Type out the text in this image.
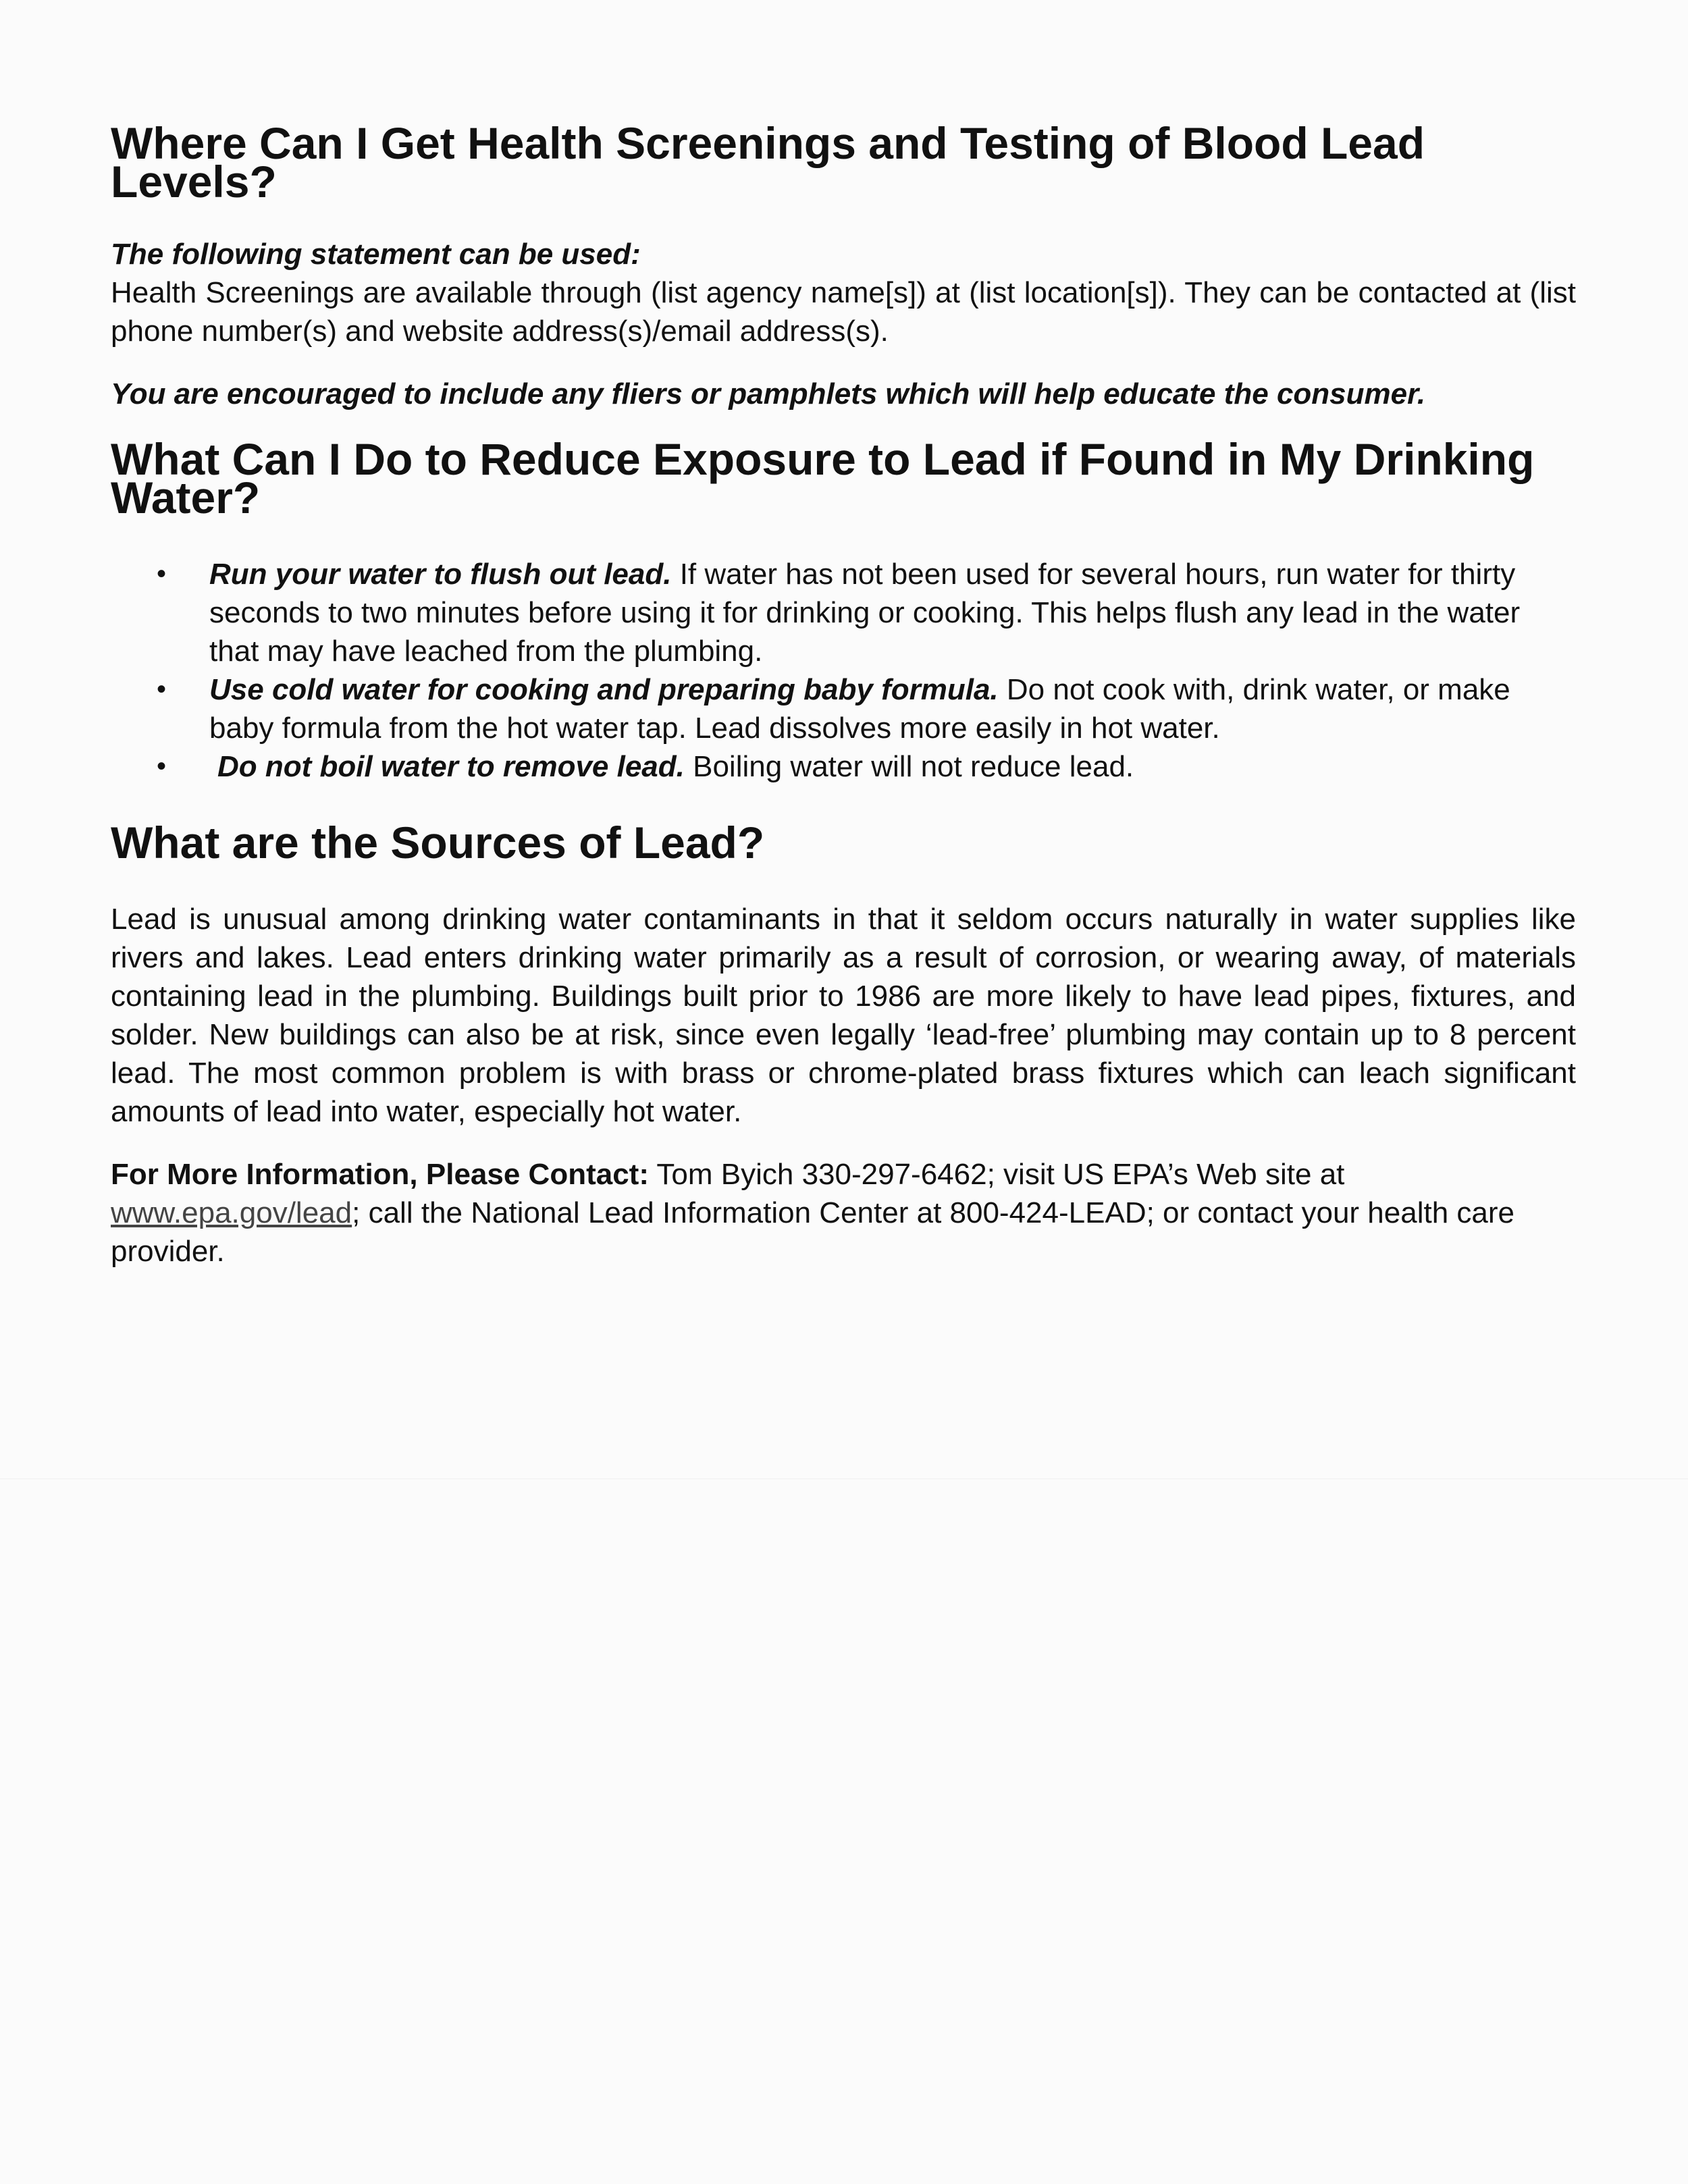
Where Can I Get Health Screenings and Testing of Blood Lead Levels?

The following statement can be used:

Health Screenings are available through (list agency name[s]) at (list location[s]). They can be contacted at (list phone number(s) and website address(s)/email address(s).

You are encouraged to include any fliers or pamphlets which will help educate the consumer.

What Can I Do to Reduce Exposure to Lead if Found in My Drinking Water?
• Run your water to flush out lead. If water has not been used for several hours, run water for thirty seconds to two minutes before using it for drinking or cooking. This helps flush any lead in the water that may have leached from the plumbing.
• Use cold water for cooking and preparing baby formula. Do not cook with, drink water, or make baby formula from the hot water tap. Lead dissolves more easily in hot water.
• Do not boil water to remove lead. Boiling water will not reduce lead.
What are the Sources of Lead?

Lead is unusual among drinking water contaminants in that it seldom occurs naturally in water supplies like rivers and lakes. Lead enters drinking water primarily as a result of corrosion, or wearing away, of materials containing lead in the plumbing. Buildings built prior to 1986 are more likely to have lead pipes, fixtures, and solder. New buildings can also be at risk, since even legally ‘lead-free’ plumbing may contain up to 8 percent lead. The most common problem is with brass or chrome-plated brass fixtures which can leach significant amounts of lead into water, especially hot water.

For More Information, Please Contact: Tom Byich 330-297-6462; visit US EPA’s Web site at www.epa.gov/lead; call the National Lead Information Center at 800-424-LEAD; or contact your health care provider.
